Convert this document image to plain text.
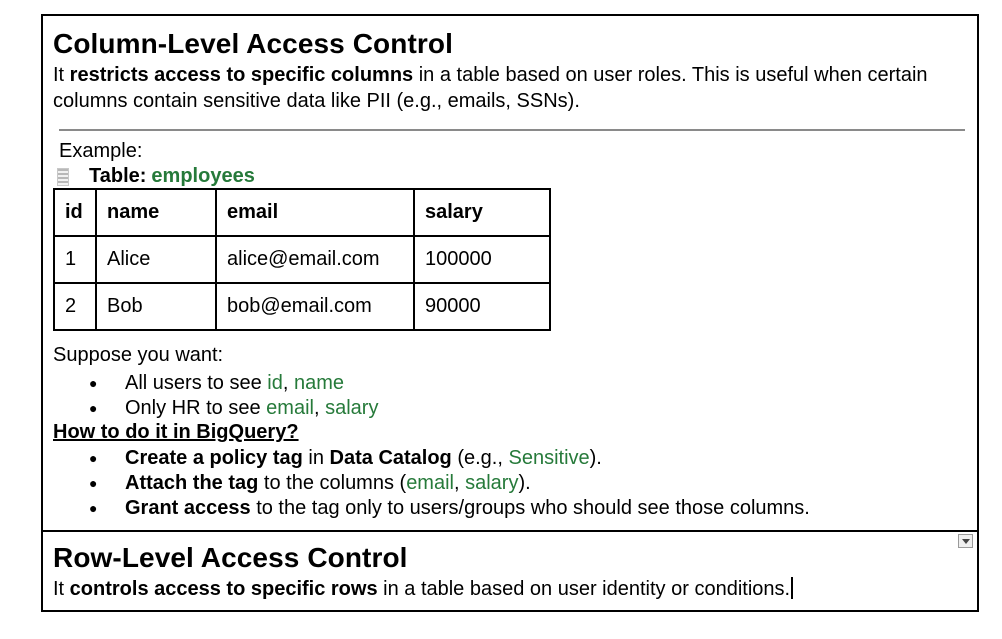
Column-Level Access Control

It restricts access to specific columns in a table based on user roles. This is useful when certain columns contain sensitive data like PII (e.g., emails, SSNs).

Example:
Table: employees
id	name	email	salary
1	Alice	alice@email.com	100000
2	Bob	bob@email.com	90000
Suppose you want:
● All users to see id, name
● Only HR to see email, salary
How to do it in BigQuery?
● Create a policy tag in Data Catalog (e.g., Sensitive).
● Attach the tag to the columns (email, salary).
● Grant access to the tag only to users/groups who should see those columns.
Row-Level Access Control

It controls access to specific rows in a table based on user identity or conditions.
